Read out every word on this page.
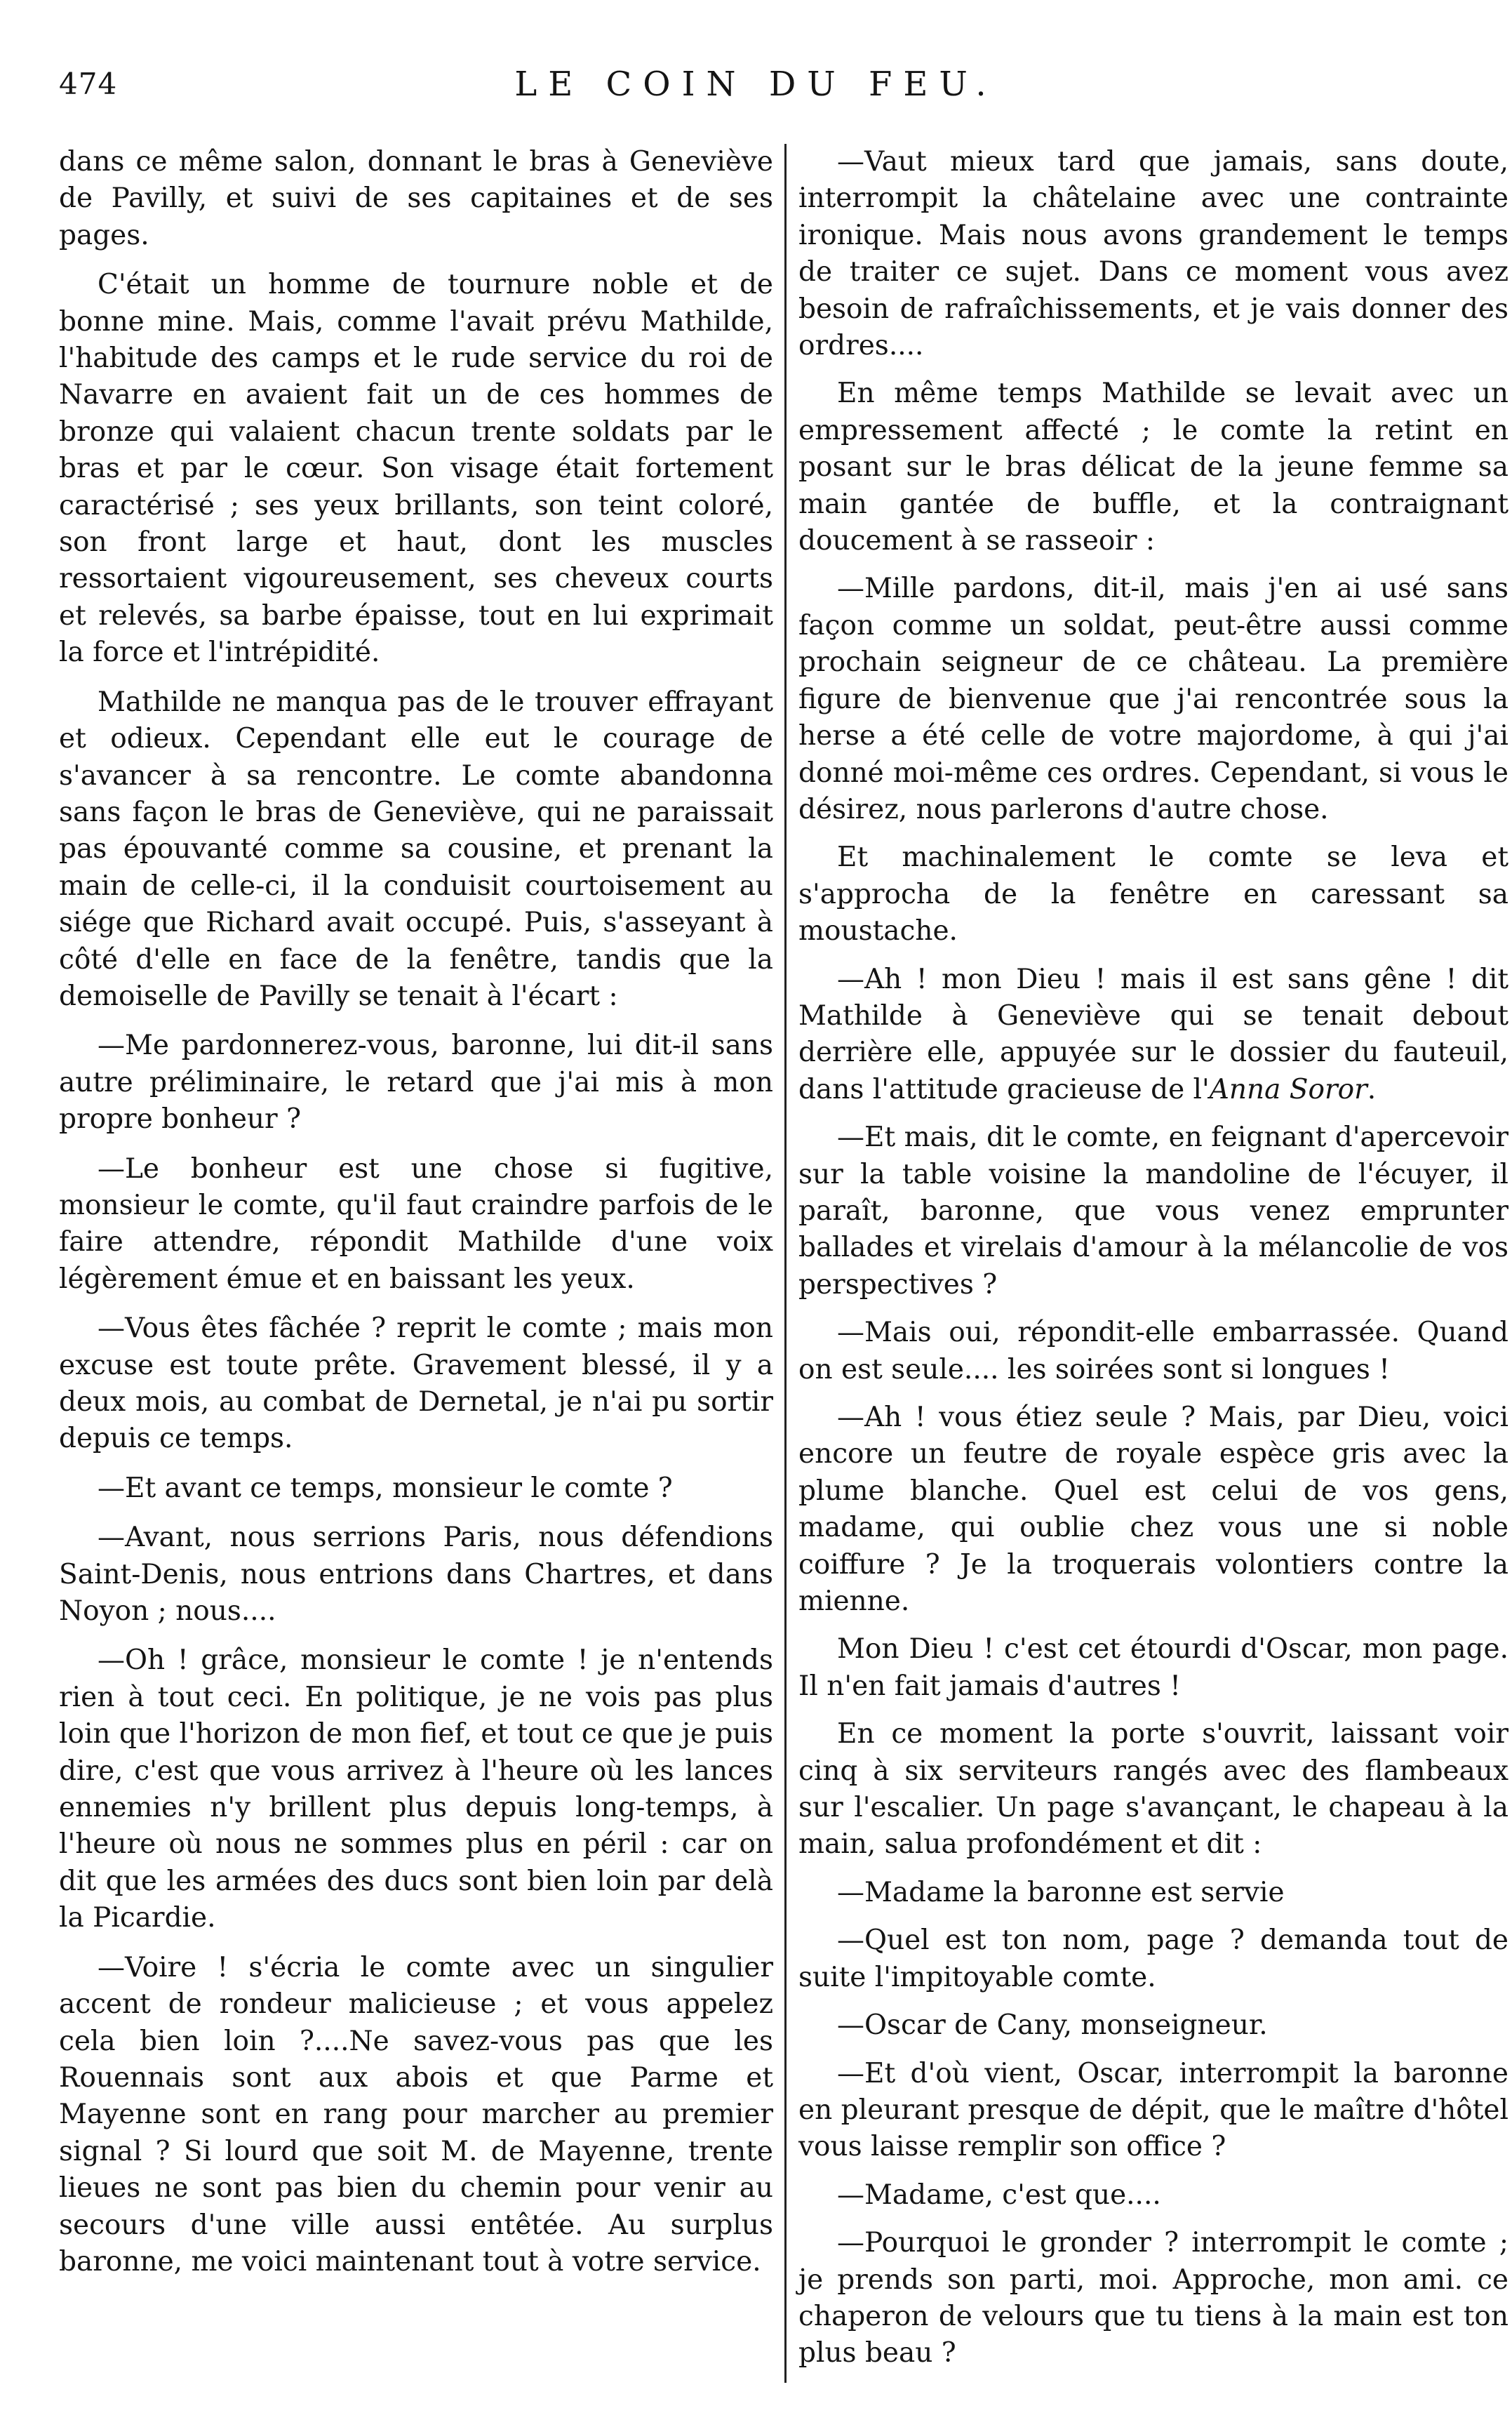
474	LE COIN DU FEU.

dans ce même salon, donnant le bras à Geneviève de Pavilly, et suivi de ses capitaines et de ses pages.

C'était un homme de tournure noble et de bonne mine. Mais, comme l'avait prévu Mathilde, l'habitude des camps et le rude service du roi de Navarre en avaient fait un de ces hommes de bronze qui valaient chacun trente soldats par le bras et par le cœur. Son visage était fortement caractérisé ; ses yeux brillants, son teint coloré, son front large et haut, dont les muscles ressortaient vigoureusement, ses cheveux courts et relevés, sa barbe épaisse, tout en lui exprimait la force et l'intrépidité.

Mathilde ne manqua pas de le trouver effrayant et odieux. Cependant elle eut le courage de s'avancer à sa rencontre. Le comte abandonna sans façon le bras de Geneviève, qui ne paraissait pas épouvanté comme sa cousine, et prenant la main de celle-ci, il la conduisit courtoisement au siége que Richard avait occupé. Puis, s'asseyant à côté d'elle en face de la fenêtre, tandis que la demoiselle de Pavilly se tenait à l'écart :

—Me pardonnerez-vous, baronne, lui dit-il sans autre préliminaire, le retard que j'ai mis à mon propre bonheur ?

—Le bonheur est une chose si fugitive, monsieur le comte, qu'il faut craindre parfois de le faire attendre, répondit Mathilde d'une voix légèrement émue et en baissant les yeux.

—Vous êtes fâchée ? reprit le comte ; mais mon excuse est toute prête. Gravement blessé, il y a deux mois, au combat de Dernetal, je n'ai pu sortir depuis ce temps.

—Et avant ce temps, monsieur le comte ?

—Avant, nous serrions Paris, nous défendions Saint-Denis, nous entrions dans Chartres, et dans Noyon ; nous....

—Oh ! grâce, monsieur le comte ! je n'entends rien à tout ceci. En politique, je ne vois pas plus loin que l'horizon de mon fief, et tout ce que je puis dire, c'est que vous arrivez à l'heure où les lances ennemies n'y brillent plus depuis long-temps, à l'heure où nous ne sommes plus en péril : car on dit que les armées des ducs sont bien loin par delà la Picardie.

—Voire ! s'écria le comte avec un singulier accent de rondeur malicieuse ; et vous appelez cela bien loin ?....Ne savez-vous pas que les Rouennais sont aux abois et que Parme et Mayenne sont en rang pour marcher au premier signal ? Si lourd que soit M. de Mayenne, trente lieues ne sont pas bien du chemin pour venir au secours d'une ville aussi entêtée. Au surplus baronne, me voici maintenant tout à votre service.

—Vaut mieux tard que jamais, sans doute, interrompit la châtelaine avec une contrainte ironique. Mais nous avons grandement le temps de traiter ce sujet. Dans ce moment vous avez besoin de rafraîchissements, et je vais donner des ordres....

En même temps Mathilde se levait avec un empressement affecté ; le comte la retint en posant sur le bras délicat de la jeune femme sa main gantée de buffle, et la contraignant doucement à se rasseoir :

—Mille pardons, dit-il, mais j'en ai usé sans façon comme un soldat, peut-être aussi comme prochain seigneur de ce château. La première figure de bienvenue que j'ai rencontrée sous la herse a été celle de votre majordome, à qui j'ai donné moi-même ces ordres. Cependant, si vous le désirez, nous parlerons d'autre chose.

Et machinalement le comte se leva et s'approcha de la fenêtre en caressant sa moustache.

—Ah ! mon Dieu ! mais il est sans gêne ! dit Mathilde à Geneviève qui se tenait debout derrière elle, appuyée sur le dossier du fauteuil, dans l'attitude gracieuse de l'Anna Soror.

—Et mais, dit le comte, en feignant d'apercevoir sur la table voisine la mandoline de l'écuyer, il paraît, baronne, que vous venez emprunter ballades et virelais d'amour à la mélancolie de vos perspectives ?

—Mais oui, répondit-elle embarrassée. Quand on est seule.... les soirées sont si longues !

—Ah ! vous étiez seule ? Mais, par Dieu, voici encore un feutre de royale espèce gris avec la plume blanche. Quel est celui de vos gens, madame, qui oublie chez vous une si noble coiffure ? Je la troquerais volontiers contre la mienne.

Mon Dieu ! c'est cet étourdi d'Oscar, mon page. Il n'en fait jamais d'autres !

En ce moment la porte s'ouvrit, laissant voir cinq à six serviteurs rangés avec des flambeaux sur l'escalier. Un page s'avançant, le chapeau à la main, salua profondément et dit :

—Madame la baronne est servie

—Quel est ton nom, page ? demanda tout de suite l'impitoyable comte.

—Oscar de Cany, monseigneur.

—Et d'où vient, Oscar, interrompit la baronne en pleurant presque de dépit, que le maître d'hôtel vous laisse remplir son office ?

—Madame, c'est que....

—Pourquoi le gronder ? interrompit le comte ; je prends son parti, moi. Approche, mon ami. ce chaperon de velours que tu tiens à la main est ton plus beau ?
